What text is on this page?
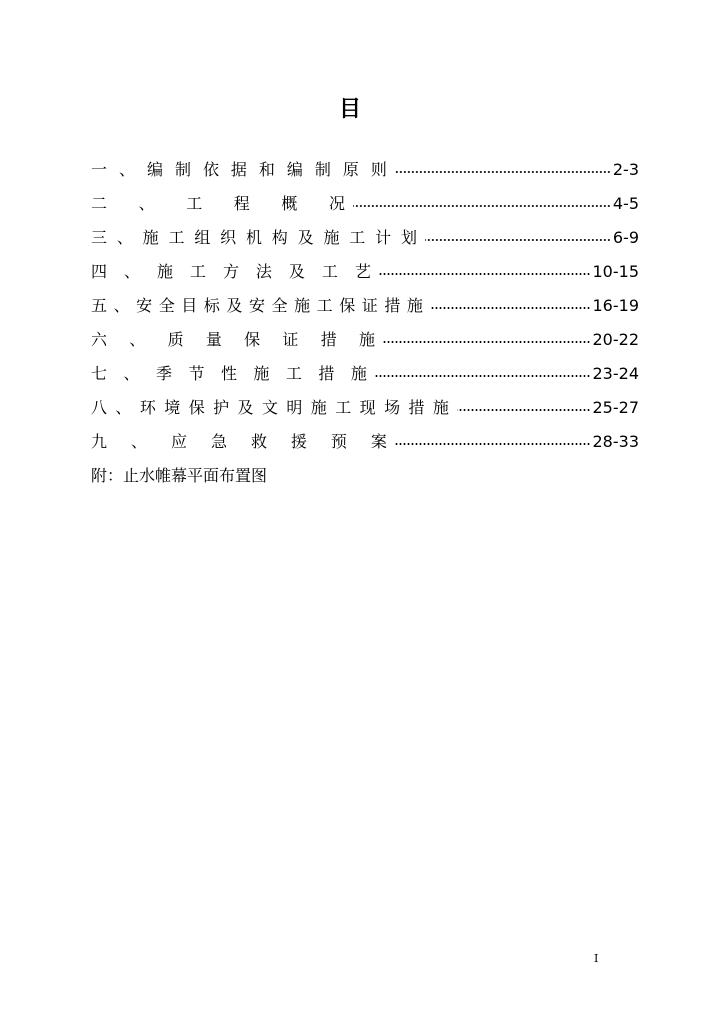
目
一 、 编 制 依 据 和 编 制 原 则	2-3
二 、 工 程 概 况	4-5
三 、 施 工 组 织 机 构 及 施 工 计 划	6-9
四 、 施 工 方 法 及 工 艺	10-15
五 、 安 全 目 标 及 安 全 施 工 保 证 措 施	16-19
六 、 质 量 保 证 措 施	20-22
七 、 季 节 性 施 工 措 施	23-24
八 、 环 境 保 护 及 文 明 施 工 现 场 措 施	25-27
九 、 应 急 救 援 预 案	28-33
附：止水帷幕平面布置图
I
